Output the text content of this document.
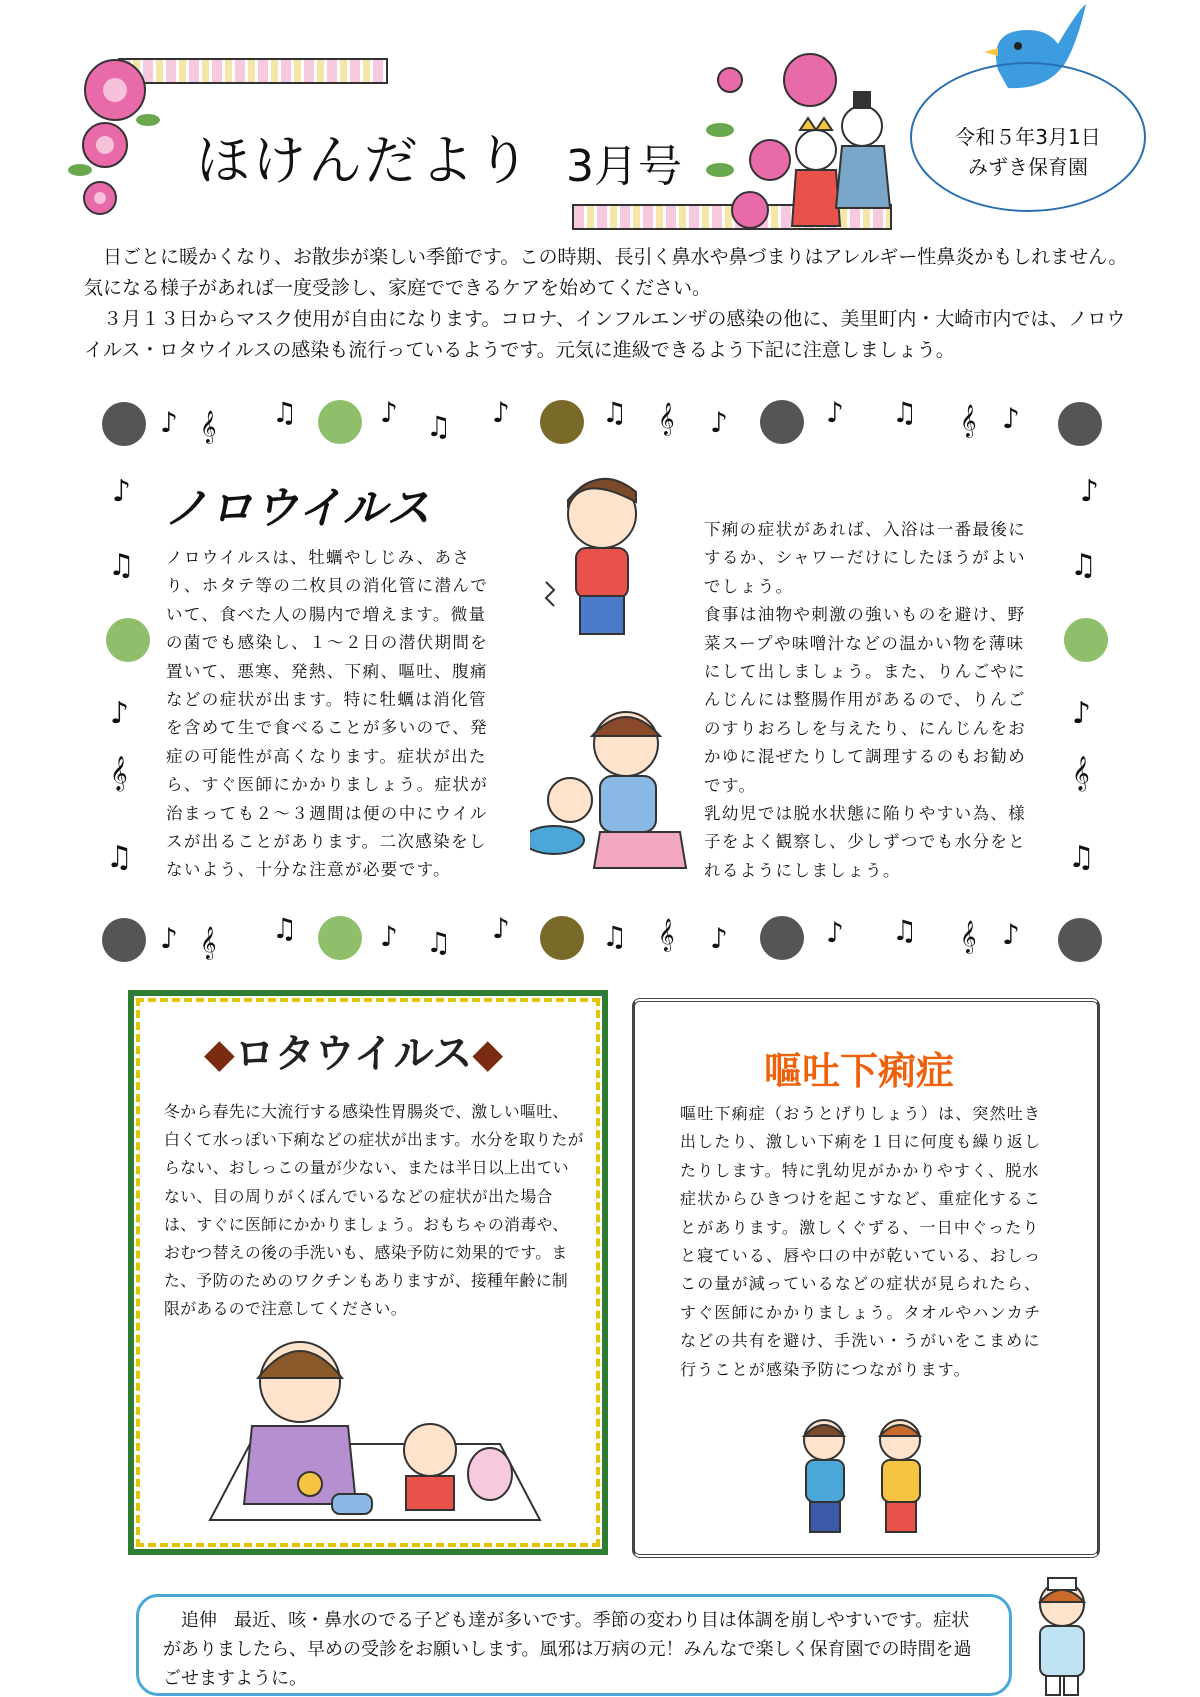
ほけんだより 3月号
令和５年3月1日
みずき保育園

日ごとに暖かくなり、お散歩が楽しい季節です。この時期、長引く鼻水や鼻づまりはアレルギー性鼻炎かもしれません。気になる様子があれば一度受診し、家庭でできるケアを始めてください。

３月１３日からマスク使用が自由になります。コロナ、インフルエンザの感染の他に、美里町内・大崎市内では、ノロウイルス・ロタウイルスの感染も流行っているようです。元気に進級できるよう下記に注意しましょう。

♪ 𝄞 ♫	♪ ♫ ♪	♫ 𝄞 ♪	♪ ♫ 𝄞 ♪
♪
♫
♪
𝄞
♫
♪
♫
♪
𝄞
♫
ノロウイルス
ノロウイルスは、牡蠣やしじみ、あさり、ホタテ等の二枚貝の消化管に潜んでいて、食べた人の腸内で増えます。微量の菌でも感染し、１～２日の潜伏期間を置いて、悪寒、発熱、下痢、嘔吐、腹痛などの症状が出ます。特に牡蠣は消化管を含めて生で食べることが多いので、発症の可能性が高くなります。症状が出たら、すぐ医師にかかりましょう。症状が治まっても２～３週間は便の中にウイルスが出ることがあります。二次感染をしないよう、十分な注意が必要です。
下痢の症状があれば、入浴は一番最後にするか、シャワーだけにしたほうがよいでしょう。
食事は油物や刺激の強いものを避け、野菜スープや味噌汁などの温かい物を薄味にして出しましょう。また、りんごやにんじんには整腸作用があるので、りんごのすりおろしを与えたり、にんじんをおかゆに混ぜたりして調理するのもお勧めです。
乳幼児では脱水状態に陥りやすい為、様子をよく観察し、少しずつでも水分をとれるようにしましょう。
♪ 𝄞 ♫	♪ ♫ ♪	♫ 𝄞 ♪	♪ ♫ 𝄞 ♪
◆ロタウイルス◆
冬から春先に大流行する感染性胃腸炎で、激しい嘔吐、白くて水っぽい下痢などの症状が出ます。水分を取りたがらない、おしっこの量が少ない、または半日以上出ていない、目の周りがくぼんでいるなどの症状が出た場合は、すぐに医師にかかりましょう。おもちゃの消毒や、おむつ替えの後の手洗いも、感染予防に効果的です。また、予防のためのワクチンもありますが、接種年齢に制限があるので注意してください。
嘔吐下痢症
嘔吐下痢症（おうとげりしょう）は、突然吐き出したり、激しい下痢を１日に何度も繰り返したりします。特に乳幼児がかかりやすく、脱水症状からひきつけを起こすなど、重症化することがあります。激しくぐずる、一日中ぐったりと寝ている、唇や口の中が乾いている、おしっこの量が減っているなどの症状が見られたら、すぐ医師にかかりましょう。タオルやハンカチなどの共有を避け、手洗い・うがいをこまめに行うことが感染予防につながります。
追伸 最近、咳・鼻水のでる子ども達が多いです。季節の変わり目は体調を崩しやすいです。症状がありましたら、早めの受診をお願いします。風邪は万病の元！みんなで楽しく保育園での時間を過ごせますように。
